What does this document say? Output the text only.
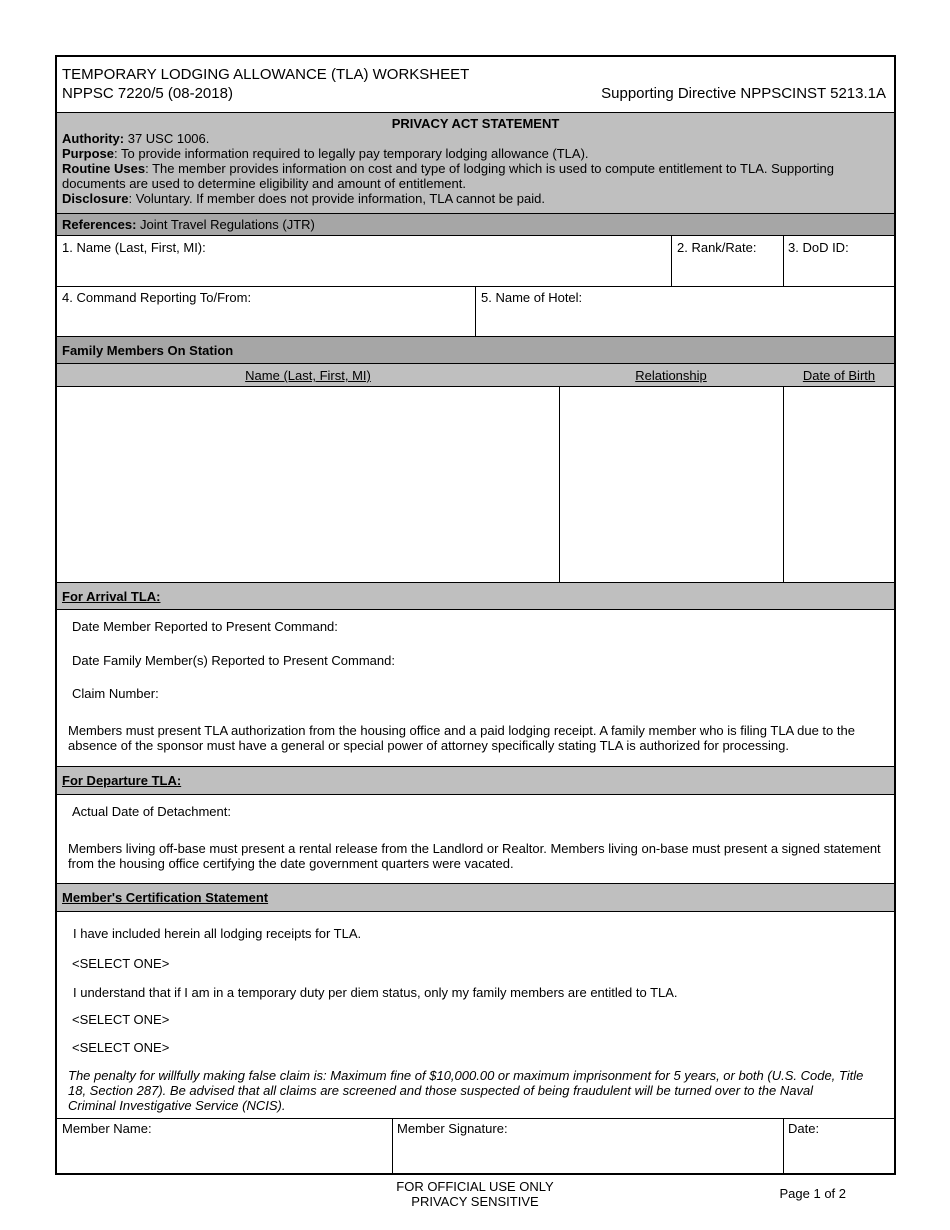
TEMPORARY LODGING ALLOWANCE (TLA) WORKSHEET
NPPSC 7220/5 (08-2018)	Supporting Directive NPPSCINST 5213.1A
PRIVACY ACT STATEMENT
Authority: 37 USC 1006.
Purpose: To provide information required to legally pay temporary lodging allowance (TLA).
Routine Uses: The member provides information on cost and type of lodging which is used to compute entitlement to TLA. Supporting documents are used to determine eligibility and amount of entitlement.
Disclosure: Voluntary. If member does not provide information, TLA cannot be paid.
References: Joint Travel Regulations (JTR)
1. Name (Last, First, MI):	2. Rank/Rate: 3. DoD ID:
4. Command Reporting To/From:	5. Name of Hotel:
Family Members On Station
Name (Last, First, MI)	Relationship	Date of Birth
For Arrival TLA:
Date Member Reported to Present Command:
Date Family Member(s) Reported to Present Command:
Claim Number:
Members must present TLA authorization from the housing office and a paid lodging receipt. A family member who is filing TLA due to the absence of the sponsor must have a general or special power of attorney specifically stating TLA is authorized for processing.
For Departure TLA:
Actual Date of Detachment:
Members living off-base must present a rental release from the Landlord or Realtor. Members living on-base must present a signed statement from the housing office certifying the date government quarters were vacated.
Member's Certification Statement
I have included herein all lodging receipts for TLA.
<SELECT ONE>
I understand that if I am in a temporary duty per diem status, only my family members are entitled to TLA.
<SELECT ONE>
<SELECT ONE>
The penalty for willfully making false claim is: Maximum fine of $10,000.00 or maximum imprisonment for 5 years, or both (U.S. Code, Title 18, Section 287). Be advised that all claims are screened and those suspected of being fraudulent will be turned over to the Naval Criminal Investigative Service (NCIS).
Member Name:	Member Signature:	Date:
FOR OFFICIAL USE ONLY
PRIVACY SENSITIVE
Page 1 of 2
